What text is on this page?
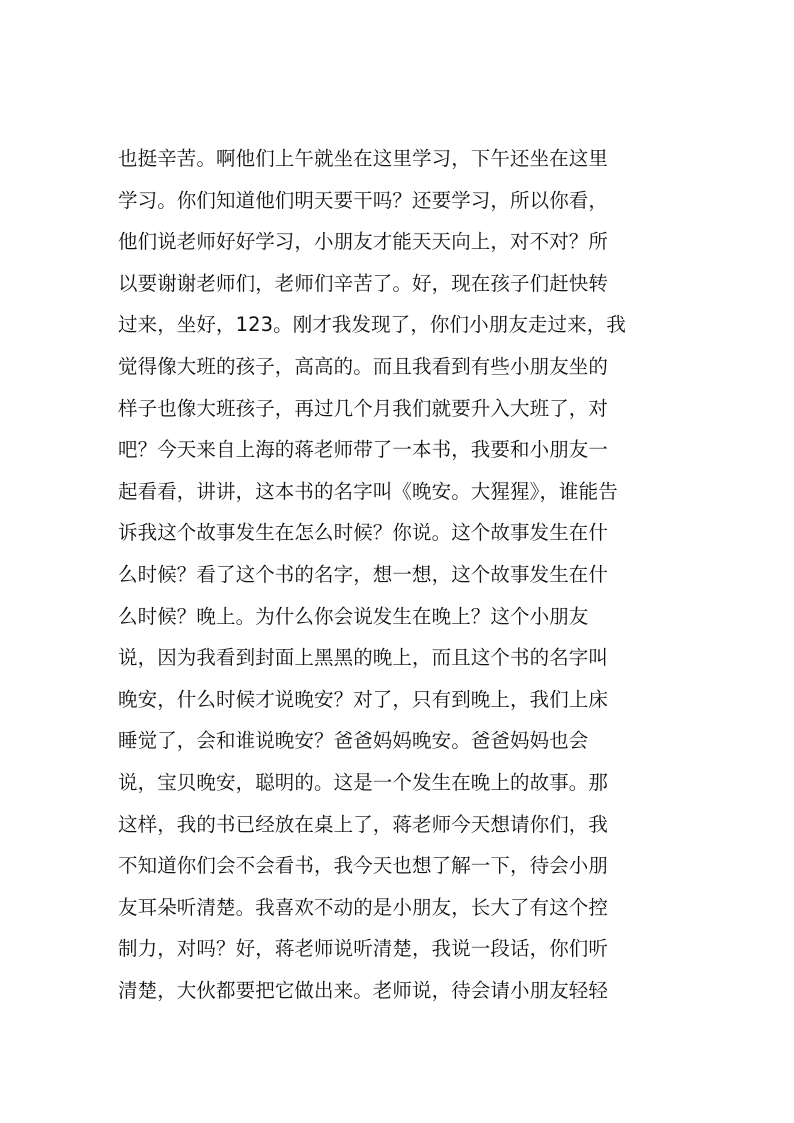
也挺辛苦。啊他们上午就坐在这里学习，下午还坐在这里
学习。你们知道他们明天要干吗？还要学习，所以你看，
他们说老师好好学习，小朋友才能天天向上，对不对？所
以要谢谢老师们，老师们辛苦了。好，现在孩子们赶快转
过来，坐好，123。刚才我发现了，你们小朋友走过来，我
觉得像大班的孩子，高高的。而且我看到有些小朋友坐的
样子也像大班孩子，再过几个月我们就要升入大班了，对
吧？今天来自上海的蒋老师带了一本书，我要和小朋友一
起看看，讲讲，这本书的名字叫《晚安。大猩猩》，谁能告
诉我这个故事发生在怎么时候？你说。这个故事发生在什
么时候？看了这个书的名字，想一想，这个故事发生在什
么时候？晚上。为什么你会说发生在晚上？这个小朋友
说，因为我看到封面上黑黑的晚上，而且这个书的名字叫
晚安，什么时候才说晚安？对了，只有到晚上，我们上床
睡觉了，会和谁说晚安？爸爸妈妈晚安。爸爸妈妈也会
说，宝贝晚安，聪明的。这是一个发生在晚上的故事。那
这样，我的书已经放在桌上了，蒋老师今天想请你们，我
不知道你们会不会看书，我今天也想了解一下，待会小朋
友耳朵听清楚。我喜欢不动的是小朋友，长大了有这个控
制力，对吗？好，蒋老师说听清楚，我说一段话，你们听
清楚，大伙都要把它做出来。老师说，待会请小朋友轻轻
